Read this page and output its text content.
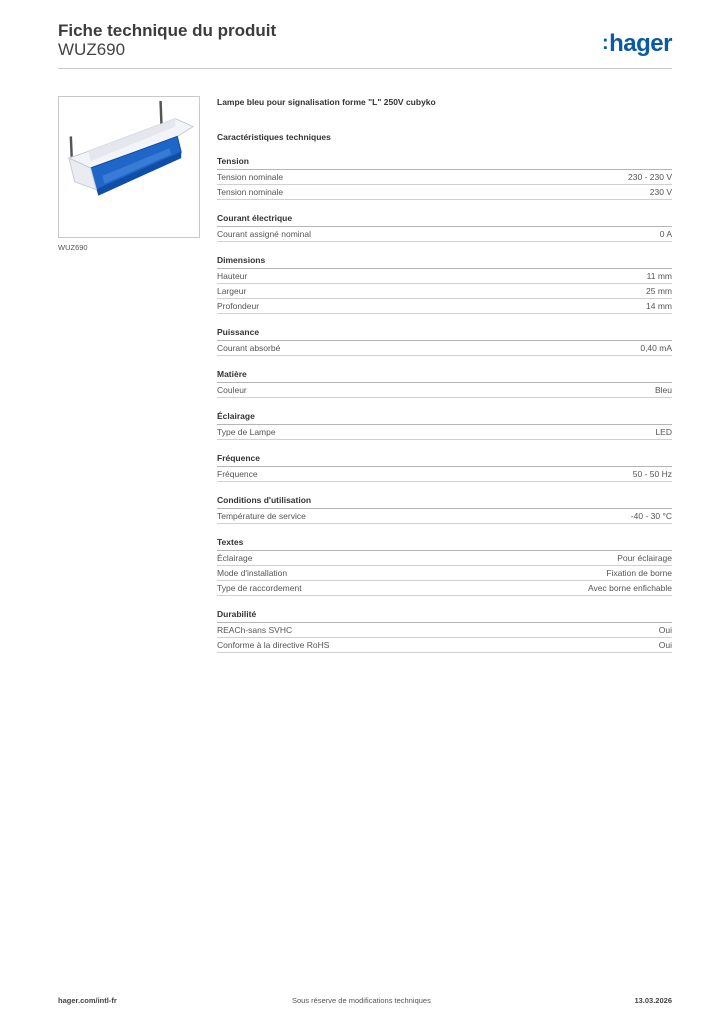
Fiche technique du produit
WUZ690	:hager
WUZ690
Lampe bleu pour signalisation forme "L" 250V cubyko
Caractéristiques techniques
Tension
Tension nominale	230 - 230 V
Tension nominale	230 V
Courant électrique
Courant assigné nominal	0 A
Dimensions
Hauteur	11 mm
Largeur	25 mm
Profondeur	14 mm
Puissance
Courant absorbé	0,40 mA
Matière
Couleur	Bleu
Éclairage
Type de Lampe	LED
Fréquence
Fréquence	50 - 50 Hz
Conditions d'utilisation
Température de service	-40 - 30 °C
Textes
Éclairage	Pour éclairage
Mode d'installation	Fixation de borne
Type de raccordement	Avec borne enfichable
Durabilité
REACh-sans SVHC	Oui
Conforme à la directive RoHS	Oui
hager.com/intl-fr	Sous réserve de modifications techniques	13.03.2026
